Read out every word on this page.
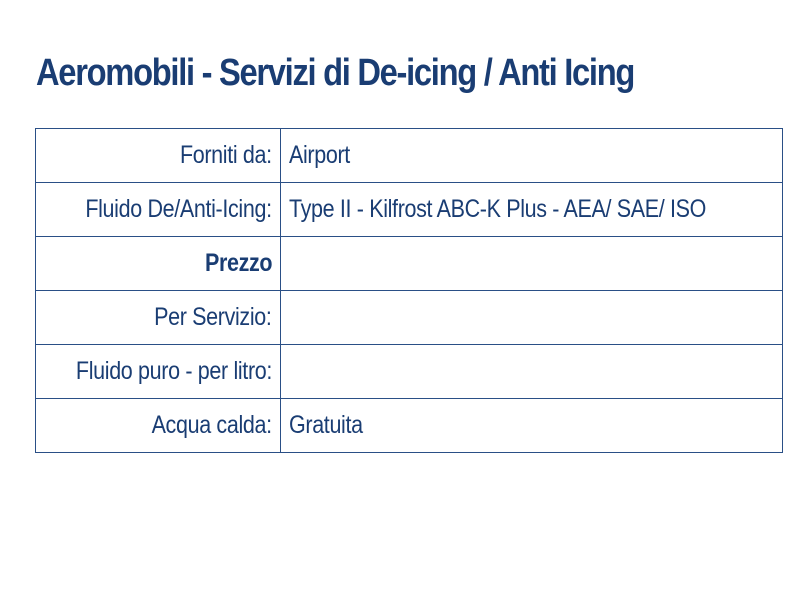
Aeromobili - Servizi di De-icing / Anti Icing
Forniti da:	Airport
Fluido De/Anti-Icing:	Type II - Kilfrost ABC-K Plus - AEA/ SAE/ ISO
Prezzo	
Per Servizio:	
Fluido puro - per litro:	
Acqua calda:	Gratuita
